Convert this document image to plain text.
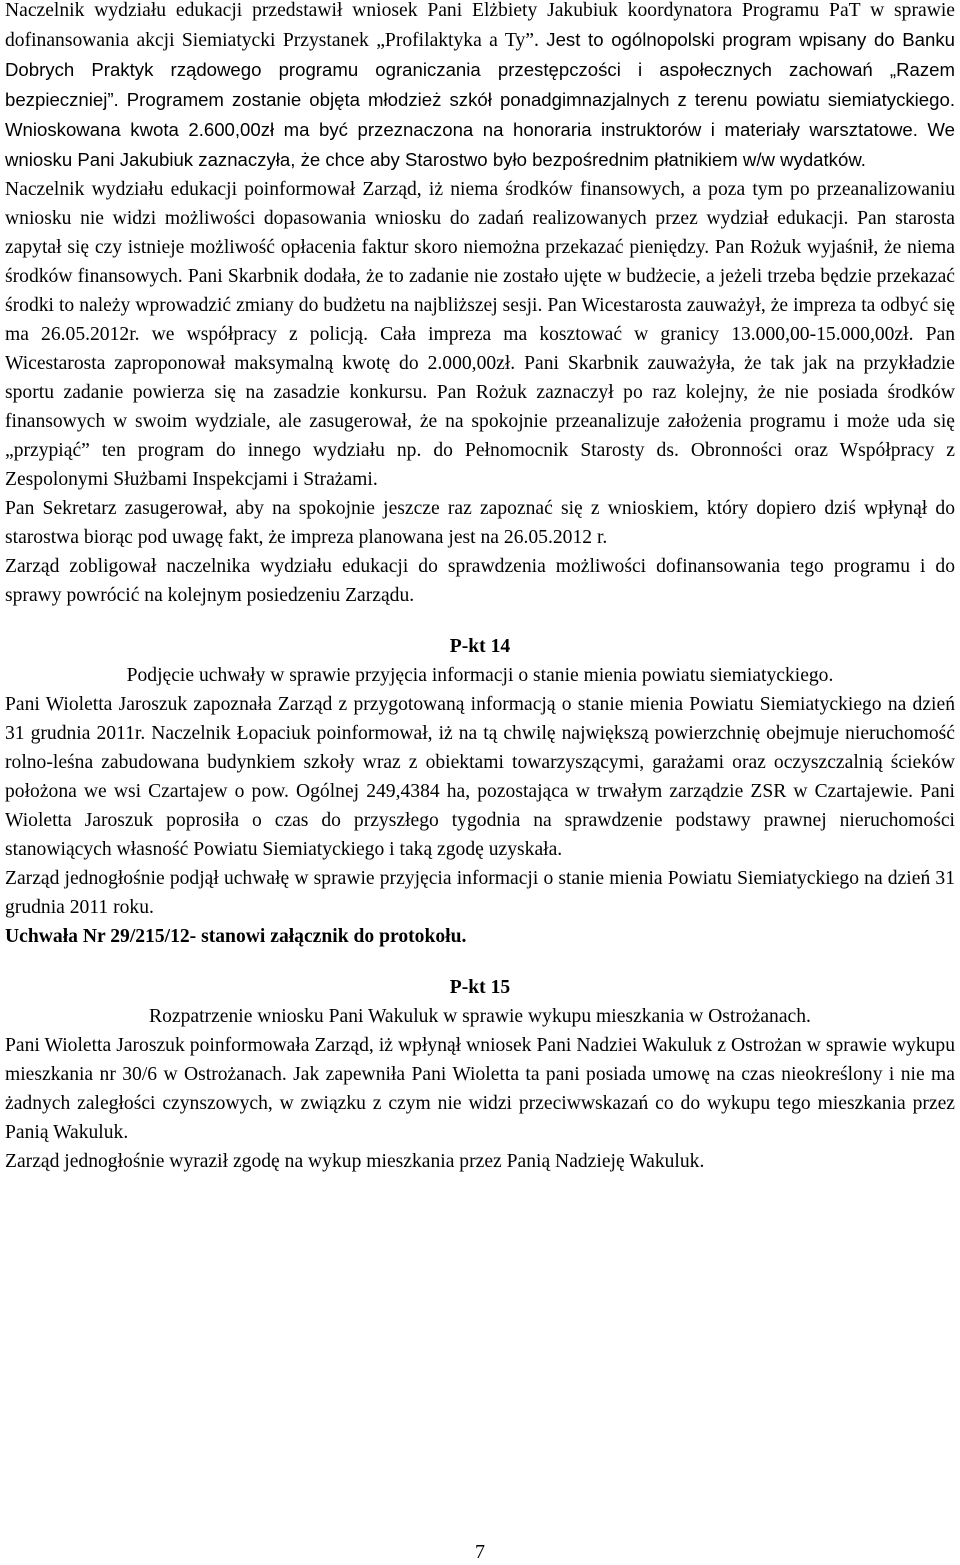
Naczelnik wydziału edukacji przedstawił wniosek Pani Elżbiety Jakubiuk koordynatora Programu PaT w sprawie dofinansowania akcji Siemiatycki Przystanek „Profilaktyka a Ty”. Jest to ogólnopolski program wpisany do Banku Dobrych Praktyk rządowego programu ograniczania przestępczości i aspołecznych zachowań „Razem bezpieczniej”. Programem zostanie objęta młodzież szkół ponadgimnazjalnych z terenu powiatu siemiatyckiego. Wnioskowana kwota 2.600,00zł ma być przeznaczona na honoraria instruktorów i materiały warsztatowe. We wniosku Pani Jakubiuk zaznaczyła, że chce aby Starostwo było bezpośrednim płatnikiem w/w wydatków.

Naczelnik wydziału edukacji poinformował Zarząd, iż niema środków finansowych, a poza tym po przeanalizowaniu wniosku nie widzi możliwości dopasowania wniosku do zadań realizowanych przez wydział edukacji. Pan starosta zapytał się czy istnieje możliwość opłacenia faktur skoro niemożna przekazać pieniędzy. Pan Rożuk wyjaśnił, że niema środków finansowych. Pani Skarbnik dodała, że to zadanie nie zostało ujęte w budżecie, a jeżeli trzeba będzie przekazać środki to należy wprowadzić zmiany do budżetu na najbliższej sesji. Pan Wicestarosta zauważył, że impreza ta odbyć się ma 26.05.2012r. we współpracy z policją. Cała impreza ma kosztować w granicy 13.000,00-15.000,00zł. Pan Wicestarosta zaproponował maksymalną kwotę do 2.000,00zł. Pani Skarbnik zauważyła, że tak jak na przykładzie sportu zadanie powierza się na zasadzie konkursu. Pan Rożuk zaznaczył po raz kolejny, że nie posiada środków finansowych w swoim wydziale, ale zasugerował, że na spokojnie przeanalizuje założenia programu i może uda się „przypiąć” ten program do innego wydziału np. do Pełnomocnik Starosty ds. Obronności oraz Współpracy z Zespolonymi Służbami Inspekcjami i Strażami.

Pan Sekretarz zasugerował, aby na spokojnie jeszcze raz zapoznać się z wnioskiem, który dopiero dziś wpłynął do starostwa biorąc pod uwagę fakt, że impreza planowana jest na 26.05.2012 r.

Zarząd zobligował naczelnika wydziału edukacji do sprawdzenia możliwości dofinansowania tego programu i do sprawy powrócić na kolejnym posiedzeniu Zarządu.

P-kt 14
Podjęcie uchwały w sprawie przyjęcia informacji o stanie mienia powiatu siemiatyckiego.

Pani Wioletta Jaroszuk zapoznała Zarząd z przygotowaną informacją o stanie mienia Powiatu Siemiatyckiego na dzień 31 grudnia 2011r. Naczelnik Łopaciuk poinformował, iż na tą chwilę największą powierzchnię obejmuje nieruchomość rolno-leśna zabudowana budynkiem szkoły wraz z obiektami towarzyszącymi, garażami oraz oczyszczalnią ścieków położona we wsi Czartajew o pow. Ogólnej 249,4384 ha, pozostająca w trwałym zarządzie ZSR w Czartajewie. Pani Wioletta Jaroszuk poprosiła o czas do przyszłego tygodnia na sprawdzenie podstawy prawnej nieruchomości stanowiących własność Powiatu Siemiatyckiego i taką zgodę uzyskała.

Zarząd jednogłośnie podjął uchwałę w sprawie przyjęcia informacji o stanie mienia Powiatu Siemiatyckiego na dzień 31 grudnia 2011 roku.

Uchwała Nr 29/215/12- stanowi załącznik do protokołu.
P-kt 15
Rozpatrzenie wniosku Pani Wakuluk w sprawie wykupu mieszkania w Ostrożanach.

Pani Wioletta Jaroszuk poinformowała Zarząd, iż wpłynął wniosek Pani Nadziei Wakuluk z Ostrożan w sprawie wykupu mieszkania nr 30/6 w Ostrożanach. Jak zapewniła Pani Wioletta ta pani posiada umowę na czas nieokreślony i nie ma żadnych zaległości czynszowych, w związku z czym nie widzi przeciwwskazań co do wykupu tego mieszkania przez Panią Wakuluk.

Zarząd jednogłośnie wyraził zgodę na wykup mieszkania przez Panią Nadzieję Wakuluk.

7
